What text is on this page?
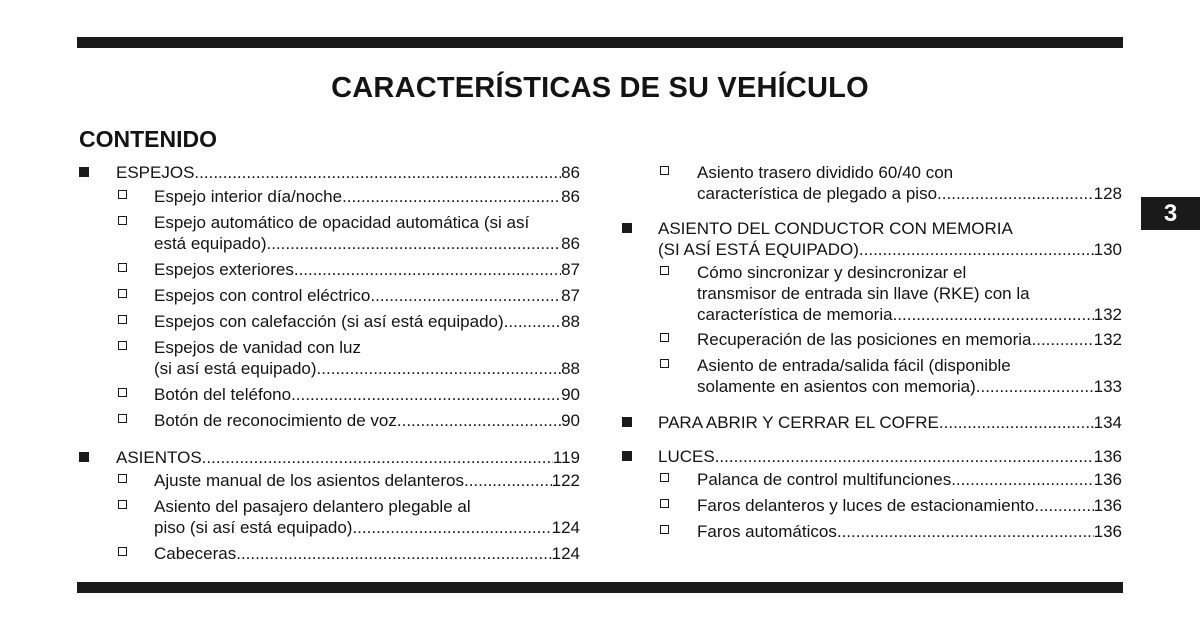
CARACTERÍSTICAS DE SU VEHÍCULO
CONTENIDO
3
ESPEJOS .....	86
Espejo interior día/noche .....	86
Espejo automático de opacidad automática (si así
está equipado) .....	86
Espejos exteriores .....	87
Espejos con control eléctrico .....	87
Espejos con calefacción (si así está equipado) .....	88
Espejos de vanidad con luz
(si así está equipado) .....	88
Botón del teléfono .....	90
Botón de reconocimiento de voz .....	90
ASIENTOS .....	119
Ajuste manual de los asientos delanteros .....	122
Asiento del pasajero delantero plegable al
piso (si así está equipado) .....	124
Cabeceras .....	124
Asiento trasero dividido 60/40 con
característica de plegado a piso .....	128
ASIENTO DEL CONDUCTOR CON MEMORIA
(SI ASÍ ESTÁ EQUIPADO) .....	130
Cómo sincronizar y desincronizar el
transmisor de entrada sin llave (RKE) con la
característica de memoria .....	132
Recuperación de las posiciones en memoria .....	132
Asiento de entrada/salida fácil (disponible
solamente en asientos con memoria) .....	133
PARA ABRIR Y CERRAR EL COFRE .....	134
LUCES .....	136
Palanca de control multifunciones .....	136
Faros delanteros y luces de estacionamiento .....	136
Faros automáticos .....	136
